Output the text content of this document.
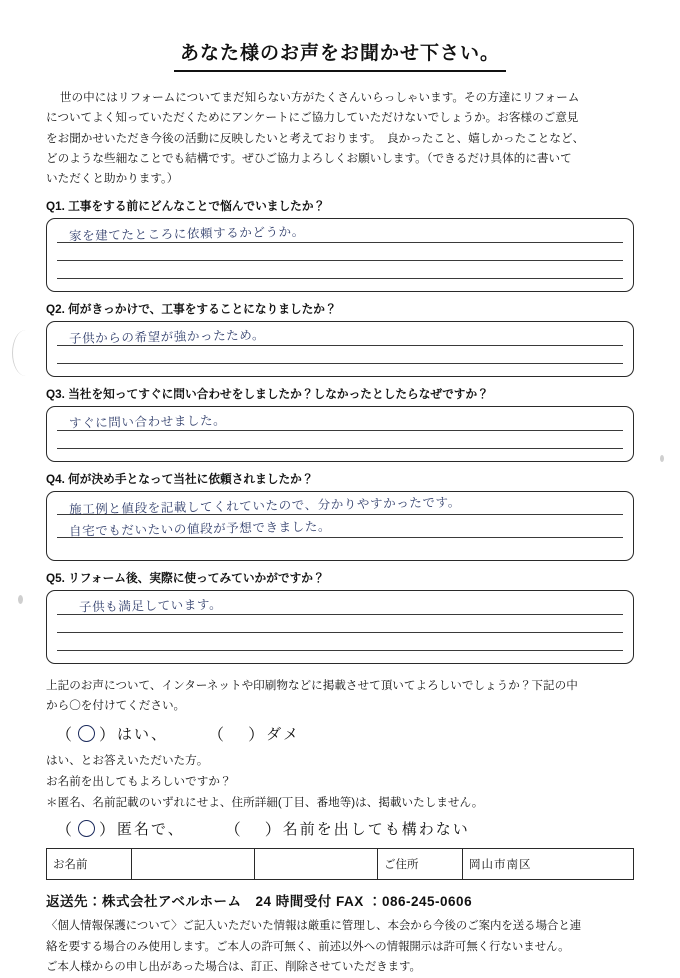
あなた様のお声をお聞かせ下さい。
世の中にはリフォームについてまだ知らない方がたくさんいらっしゃいます。その方達にリフォーム
についてよく知っていただくためにアンケートにご協力していただけないでしょうか。お客様のご意見
をお聞かせいただき今後の活動に反映したいと考えております。　良かったこと、嬉しかったことなど、
どのような些細なことでも結構です。ぜひご協力よろしくお願いします。（できるだけ具体的に書いて
いただくと助かります。）
Q1. 工事をする前にどんなことで悩んでいましたか？
家を建てたところに依頼するかどうか。
Q2. 何がきっかけで、工事をすることになりましたか？
子供からの希望が強かったため。
Q3. 当社を知ってすぐに問い合わせをしましたか？しなかったとしたらなぜですか？
すぐに問い合わせました。
Q4. 何が決め手となって当社に依頼されましたか？
施工例と値段を記載してくれていたので、分かりやすかったです。
自宅でもだいたいの値段が予想できました。
Q5. リフォーム後、実際に使ってみていかがですか？
子供も満足しています。
上記のお声について、インターネットや印刷物などに掲載させて頂いてよろしいでしょうか？下記の中
から〇を付けてください。
（ ） はい、	（ ） ダメ
はい、とお答えいただいた方。
お名前を出してもよろしいですか？
＊匿名、名前記載のいずれにせよ、住所詳細(丁目、番地等)は、掲載いたしません。
（ ） 匿名で、	（ ） 名前を出しても構わない
お名前			ご住所	岡山市南区
返送先：株式会社アベルホーム 24 時間受付 FAX ：086-245-0606
〈個人情報保護について〉ご記入いただいた情報は厳重に管理し、本会から今後のご案内を送る場合と連
絡を要する場合のみ使用します。ご本人の許可無く、前述以外への情報開示は許可無く行ないません。
ご本人様からの申し出があった場合は、訂正、削除させていただきます。
